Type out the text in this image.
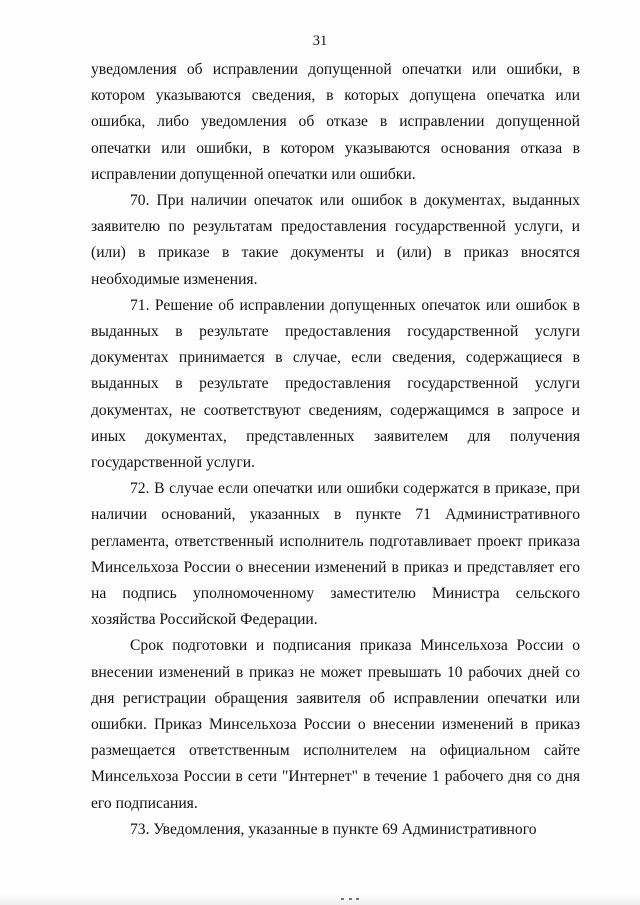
31

уведомления об исправлении допущенной опечатки или ошибки, в котором указываются сведения, в которых допущена опечатка или ошибка, либо уведомления об отказе в исправлении допущенной опечатки или ошибки, в котором указываются основания отказа в исправлении допущенной опечатки или ошибки.

70. При наличии опечаток или ошибок в документах, выданных заявителю по результатам предоставления государственной услуги, и (или) в приказе в такие документы и (или) в приказ вносятся необходимые изменения.

71. Решение об исправлении допущенных опечаток или ошибок в выданных в результате предоставления государственной услуги документах принимается в случае, если сведения, содержащиеся в выданных в результате предоставления государственной услуги документах, не соответствуют сведениям, содержащимся в запросе и иных документах, представленных заявителем для получения государственной услуги.

72. В случае если опечатки или ошибки содержатся в приказе, при наличии оснований, указанных в пункте 71 Административного регламента, ответственный исполнитель подготавливает проект приказа Минсельхоза России о внесении изменений в приказ и представляет его на подпись уполномоченному заместителю Министра сельского хозяйства Российской Федерации.

Срок подготовки и подписания приказа Минсельхоза России о внесении изменений в приказ не может превышать 10 рабочих дней со дня регистрации обращения заявителя об исправлении опечатки или ошибки. Приказ Минсельхоза России о внесении изменений в приказ размещается ответственным исполнителем на официальном сайте Минсельхоза России в сети "Интернет" в течение 1 рабочего дня со дня его подписания.

73. Уведомления, указанные в пункте 69 Административного
